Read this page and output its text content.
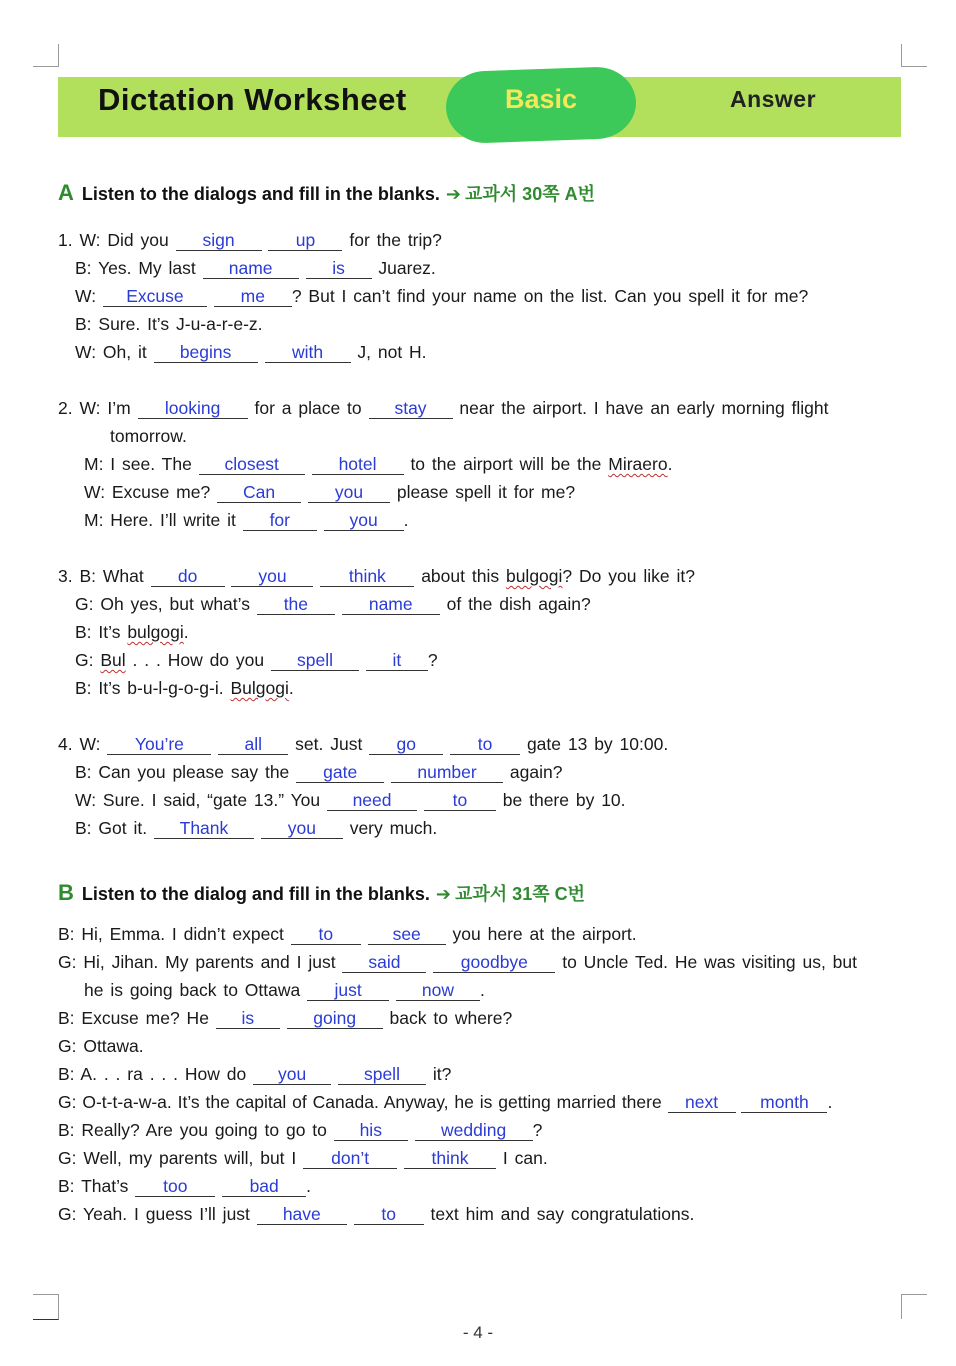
Dictation Worksheet	Basic	Answer
A Listen to the dialogs and fill in the blanks. ➔ 교과서 30쪽 A번
1. W: Did you sign	up for the trip?
B: Yes. My last name	is Juarez.
W: Excuse	me ? But I can’t find your name on the list. Can you spell it for me?
B: Sure. It’s J-u-a-r-e-z.
W: Oh, it begins	with J, not H.
2. W: I’m looking for a place to stay near the airport. I have an early morning flight
tomorrow.
M: I see. The closest	hotel to the airport will be the Miraero.
W: Excuse me? Can	you please spell it for me?
M: Here. I’ll write it for	you .
3. B: What do	you	think about this bulgogi? Do you like it?
G: Oh yes, but what’s the	name of the dish again?
B: It’s bulgogi.
G: Bul . . . How do you spell	it ?
B: It’s b-u-l-g-o-g-i. Bulgogi.
4. W: You’re	all set. Just go	to gate 13 by 10:00.
B: Can you please say the gate	number again?
W: Sure. I said, “gate 13.” You need	to be there by 10.
B: Got it. Thank	you very much.
B Listen to the dialog and fill in the blanks. ➔ 교과서 31쪽 C번
B: Hi, Emma. I didn’t expect to	see you here at the airport.
G: Hi, Jihan. My parents and I just said	goodbye to Uncle Ted. He was visiting us, but
he is going back to Ottawa just	now .
B: Excuse me? He is	going back to where?
G: Ottawa.
B: A. . . ra . . . How do you	spell it?
G: O-t-t-a-w-a. It’s the capital of Canada. Anyway, he is getting married there next month .
B: Really? Are you going to go to his	wedding ?
G: Well, my parents will, but I don’t	think I can.
B: That’s too	bad .
G: Yeah. I guess I’ll just have	to text him and say congratulations.
- 4 -
